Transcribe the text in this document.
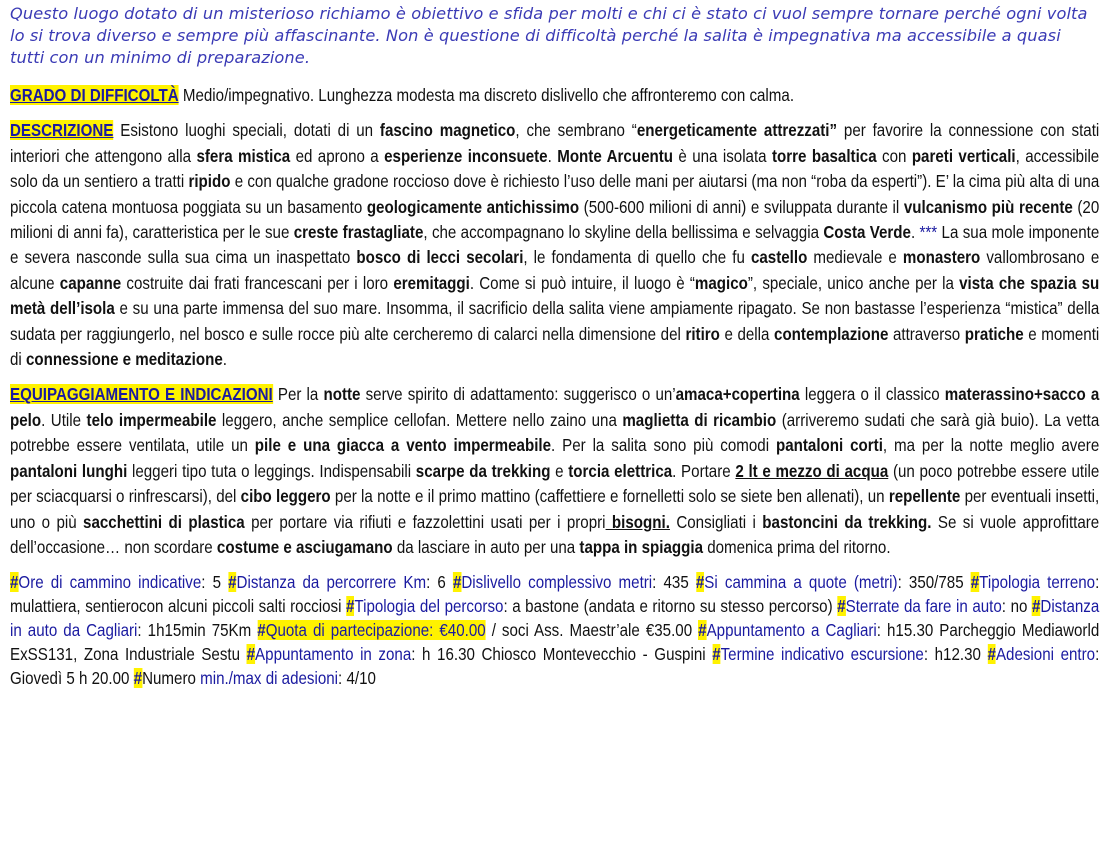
Questo luogo dotato di un misterioso richiamo è obiettivo e sfida per molti e chi ci è stato ci vuol sempre tornare perché ogni volta lo si trova diverso e sempre più affascinante. Non è questione di difficoltà perché la salita è impegnativa ma accessibile a quasi tutti con un minimo di preparazione.

GRADO DI DIFFICOLTÀ Medio/impegnativo. Lunghezza modesta ma discreto dislivello che affronteremo con calma.

DESCRIZIONE Esistono luoghi speciali, dotati di un fascino magnetico, che sembrano “energeticamente attrezzati” per favorire la connessione con stati interiori che attengono alla sfera mistica ed aprono a esperienze inconsuete. Monte Arcuentu è una isolata torre basaltica con pareti verticali, accessibile solo da un sentiero a tratti ripido e con qualche gradone roccioso dove è richiesto l’uso delle mani per aiutarsi (ma non “roba da esperti”). E’ la cima più alta di una piccola catena montuosa poggiata su un basamento geologicamente antichissimo (500-600 milioni di anni) e sviluppata durante il vulcanismo più recente (20 milioni di anni fa), caratteristica per le sue creste frastagliate, che accompagnano lo skyline della bellissima e selvaggia Costa Verde. *** La sua mole imponente e severa nasconde sulla sua cima un inaspettato bosco di lecci secolari, le fondamenta di quello che fu castello medievale e monastero vallombrosano e alcune capanne costruite dai frati francescani per i loro eremitaggi. Come si può intuire, il luogo è “magico”, speciale, unico anche per la vista che spazia su metà dell’isola e su una parte immensa del suo mare. Insomma, il sacrificio della salita viene ampiamente ripagato. Se non bastasse l’esperienza “mistica” della sudata per raggiungerlo, nel bosco e sulle rocce più alte cercheremo di calarci nella dimensione del ritiro e della contemplazione attraverso pratiche e momenti di connessione e meditazione.

EQUIPAGGIAMENTO E INDICAZIONI Per la notte serve spirito di adattamento: suggerisco o un’amaca+copertina leggera o il classico materassino+sacco a pelo. Utile telo impermeabile leggero, anche semplice cellofan. Mettere nello zaino una maglietta di ricambio (arriveremo sudati che sarà già buio). La vetta potrebbe essere ventilata, utile un pile e una giacca a vento impermeabile. Per la salita sono più comodi pantaloni corti, ma per la notte meglio avere pantaloni lunghi leggeri tipo tuta o leggings. Indispensabili scarpe da trekking e torcia elettrica. Portare 2 lt e mezzo di acqua (un poco potrebbe essere utile per sciacquarsi o rinfrescarsi), del cibo leggero per la notte e il primo mattino (caffettiere e fornelletti solo se siete ben allenati), un repellente per eventuali insetti, uno o più sacchettini di plastica per portare via rifiuti e fazzolettini usati per i propri bisogni. Consigliati i bastoncini da trekking. Se si vuole approfittare dell’occasione… non scordare costume e asciugamano da lasciare in auto per una tappa in spiaggia domenica prima del ritorno.

#Ore di cammino indicative: 5 #Distanza da percorrere Km: 6 #Dislivello complessivo metri: 435 #Si cammina a quote (metri): 350/785 #Tipologia terreno: mulattiera, sentierocon alcuni piccoli salti rocciosi #Tipologia del percorso: a bastone (andata e ritorno su stesso percorso) #Sterrate da fare in auto: no #Distanza in auto da Cagliari: 1h15min 75Km #Quota di partecipazione: €40.00 / soci Ass. Maestr’ale €35.00 #Appuntamento a Cagliari: h15.30 Parcheggio Mediaworld ExSS131, Zona Industriale Sestu #Appuntamento in zona: h 16.30 Chiosco Montevecchio - Guspini #Termine indicativo escursione: h12.30 #Adesioni entro: Giovedì 5 h 20.00 #Numero min./max di adesioni: 4/10
